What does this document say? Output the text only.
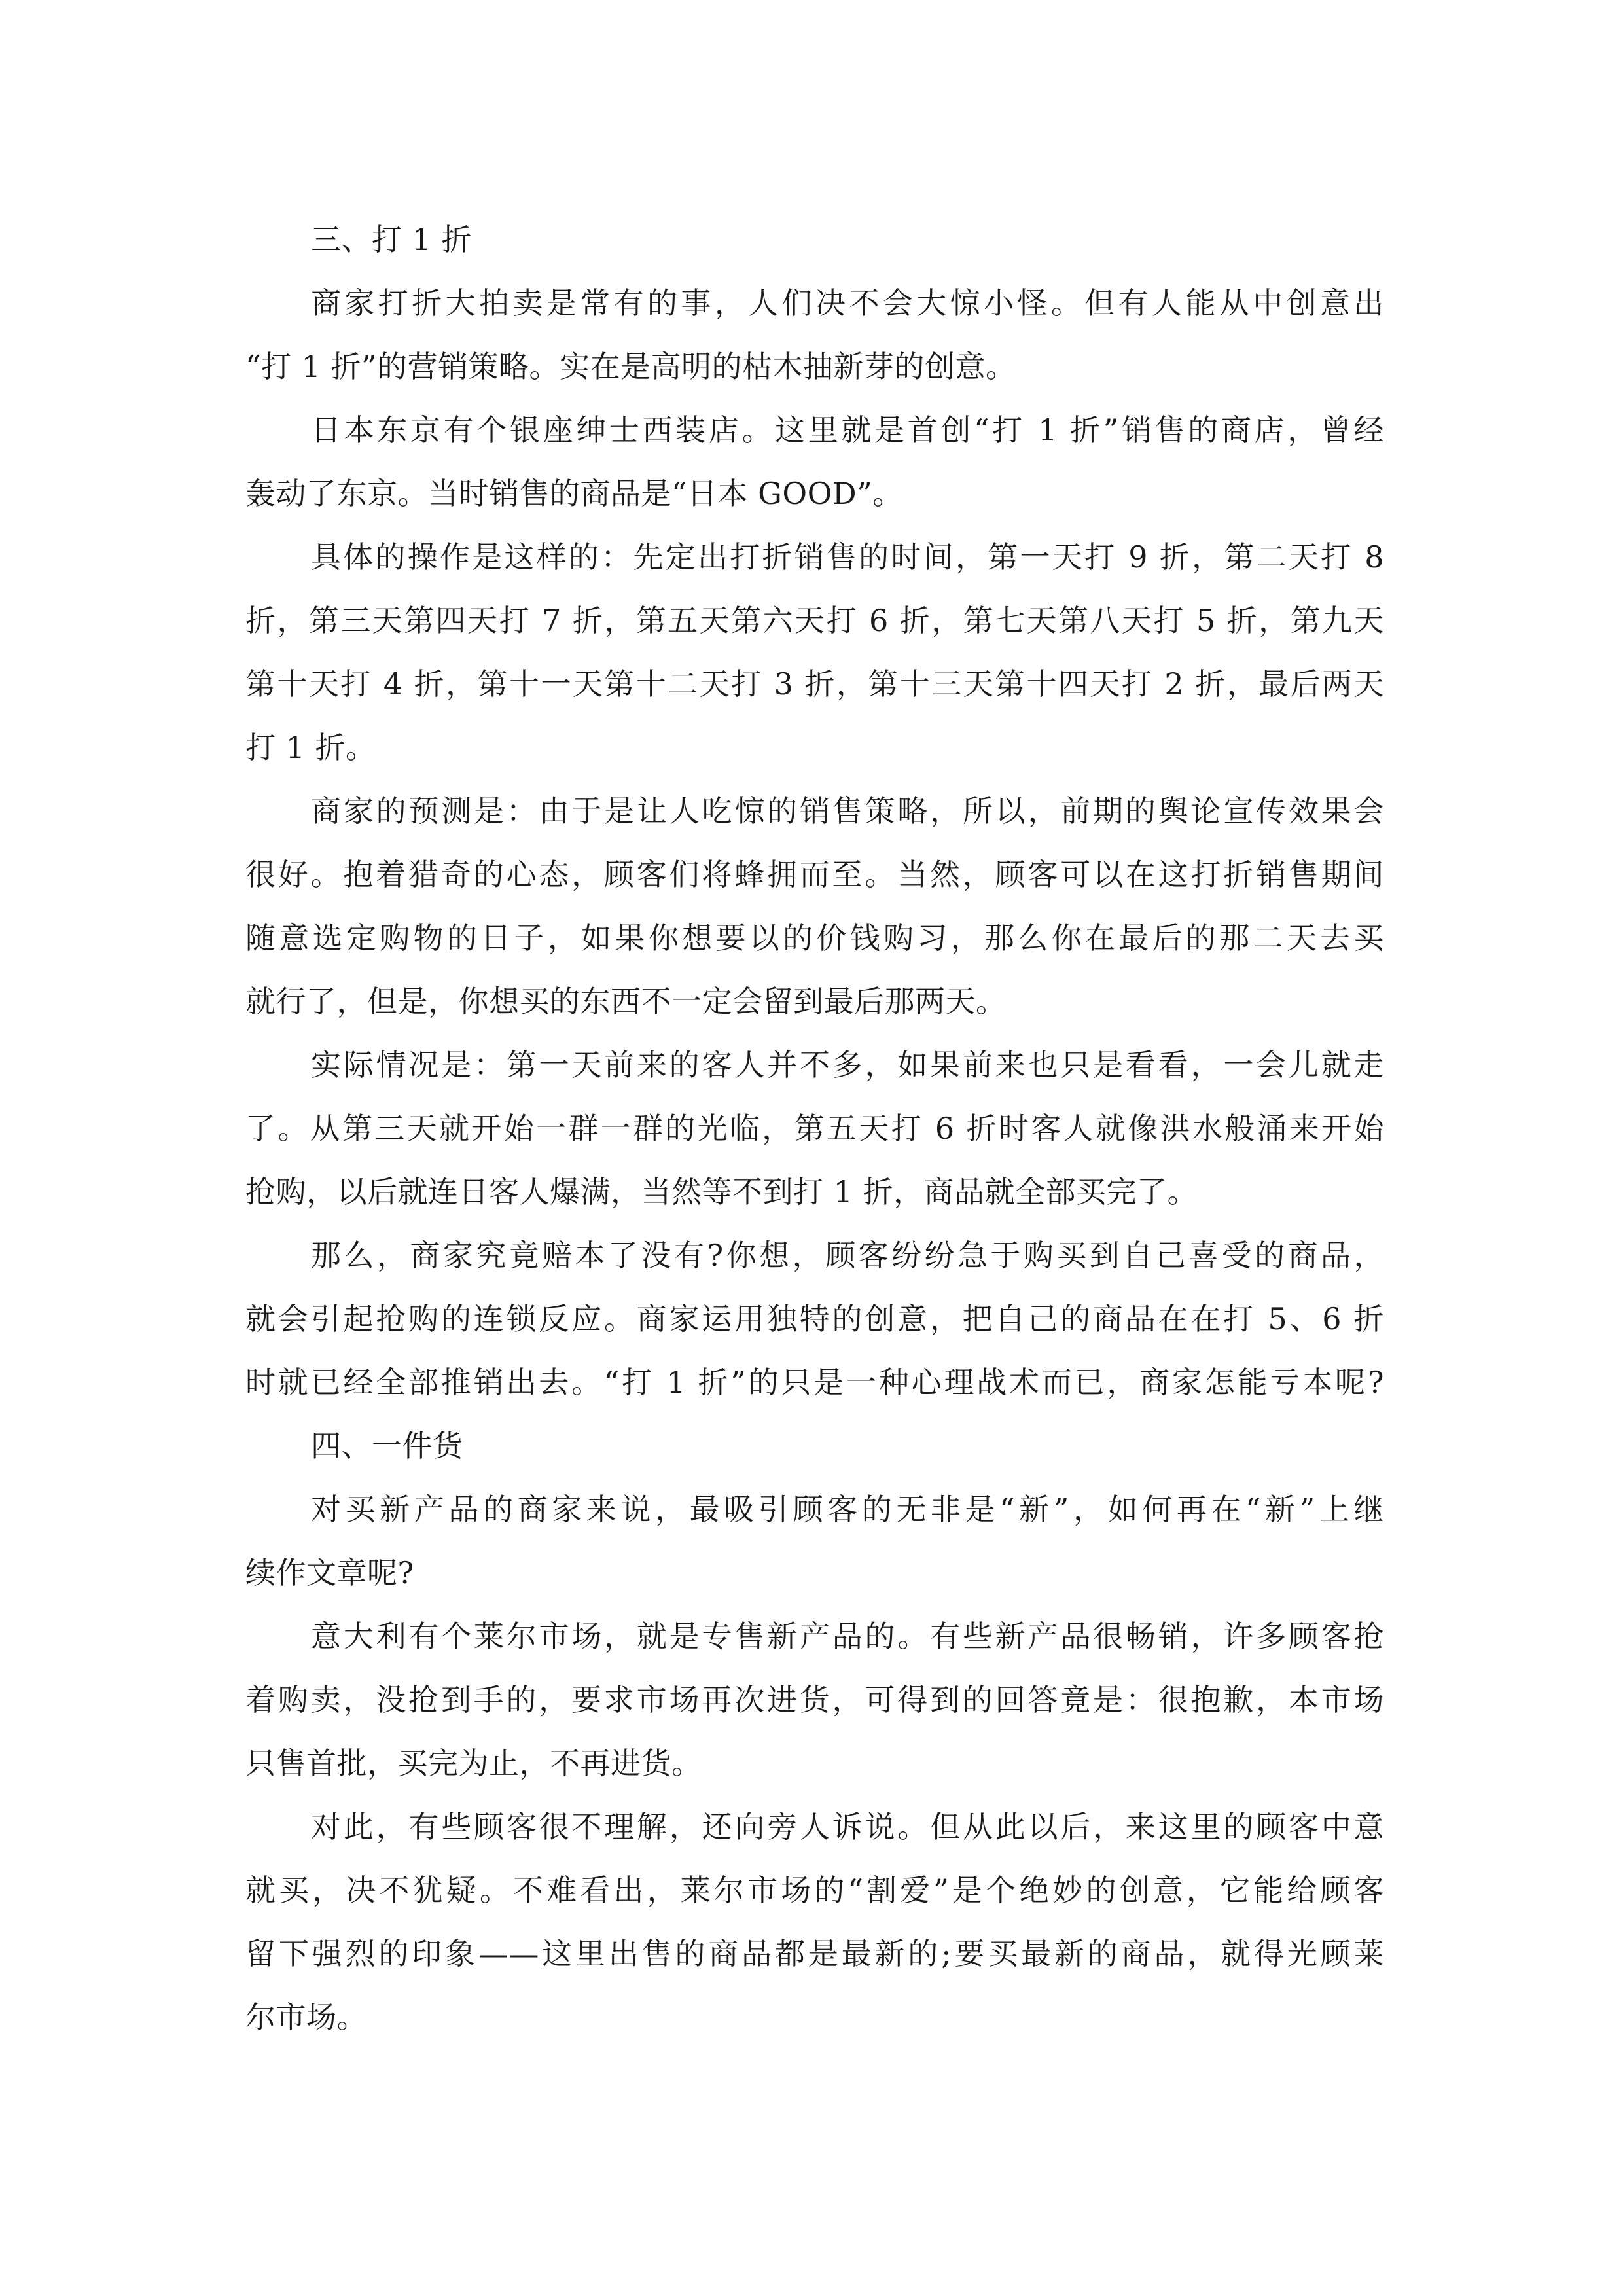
三、打 1 折
商家打折大拍卖是常有的事，人们决不会大惊小怪。但有人能从中创意出
“打 1 折”的营销策略。实在是高明的枯木抽新芽的创意。
日本东京有个银座绅士西装店。这里就是首创“打 1 折”销售的商店，曾经
轰动了东京。当时销售的商品是“日本 GOOD”。
具体的操作是这样的：先定出打折销售的时间，第一天打 9 折，第二天打 8
折，第三天第四天打 7 折，第五天第六天打 6 折，第七天第八天打 5 折，第九天
第十天打 4 折，第十一天第十二天打 3 折，第十三天第十四天打 2 折，最后两天
打 1 折。
商家的预测是：由于是让人吃惊的销售策略，所以，前期的舆论宣传效果会
很好。抱着猎奇的心态，顾客们将蜂拥而至。当然，顾客可以在这打折销售期间
随意选定购物的日子，如果你想要以的价钱购习，那么你在最后的那二天去买
就行了，但是，你想买的东西不一定会留到最后那两天。
实际情况是：第一天前来的客人并不多，如果前来也只是看看，一会儿就走
了。从第三天就开始一群一群的光临，第五天打 6 折时客人就像洪水般涌来开始
抢购，以后就连日客人爆满，当然等不到打 1 折，商品就全部买完了。
那么，商家究竟赔本了没有?你想，顾客纷纷急于购买到自己喜受的商品，
就会引起抢购的连锁反应。商家运用独特的创意，把自己的商品在在打 5、6 折
时就已经全部推销出去。“打 1 折”的只是一种心理战术而已，商家怎能亏本呢?
四、一件货
对买新产品的商家来说，最吸引顾客的无非是“新”，如何再在“新”上继
续作文章呢?
意大利有个莱尔市场，就是专售新产品的。有些新产品很畅销，许多顾客抢
着购卖，没抢到手的，要求市场再次进货，可得到的回答竟是：很抱歉，本市场
只售首批，买完为止，不再进货。
对此，有些顾客很不理解，还向旁人诉说。但从此以后，来这里的顾客中意
就买，决不犹疑。不难看出，莱尔市场的“割爱”是个绝妙的创意，它能给顾客
留下强烈的印象——这里出售的商品都是最新的;要买最新的商品，就得光顾莱
尔市场。
